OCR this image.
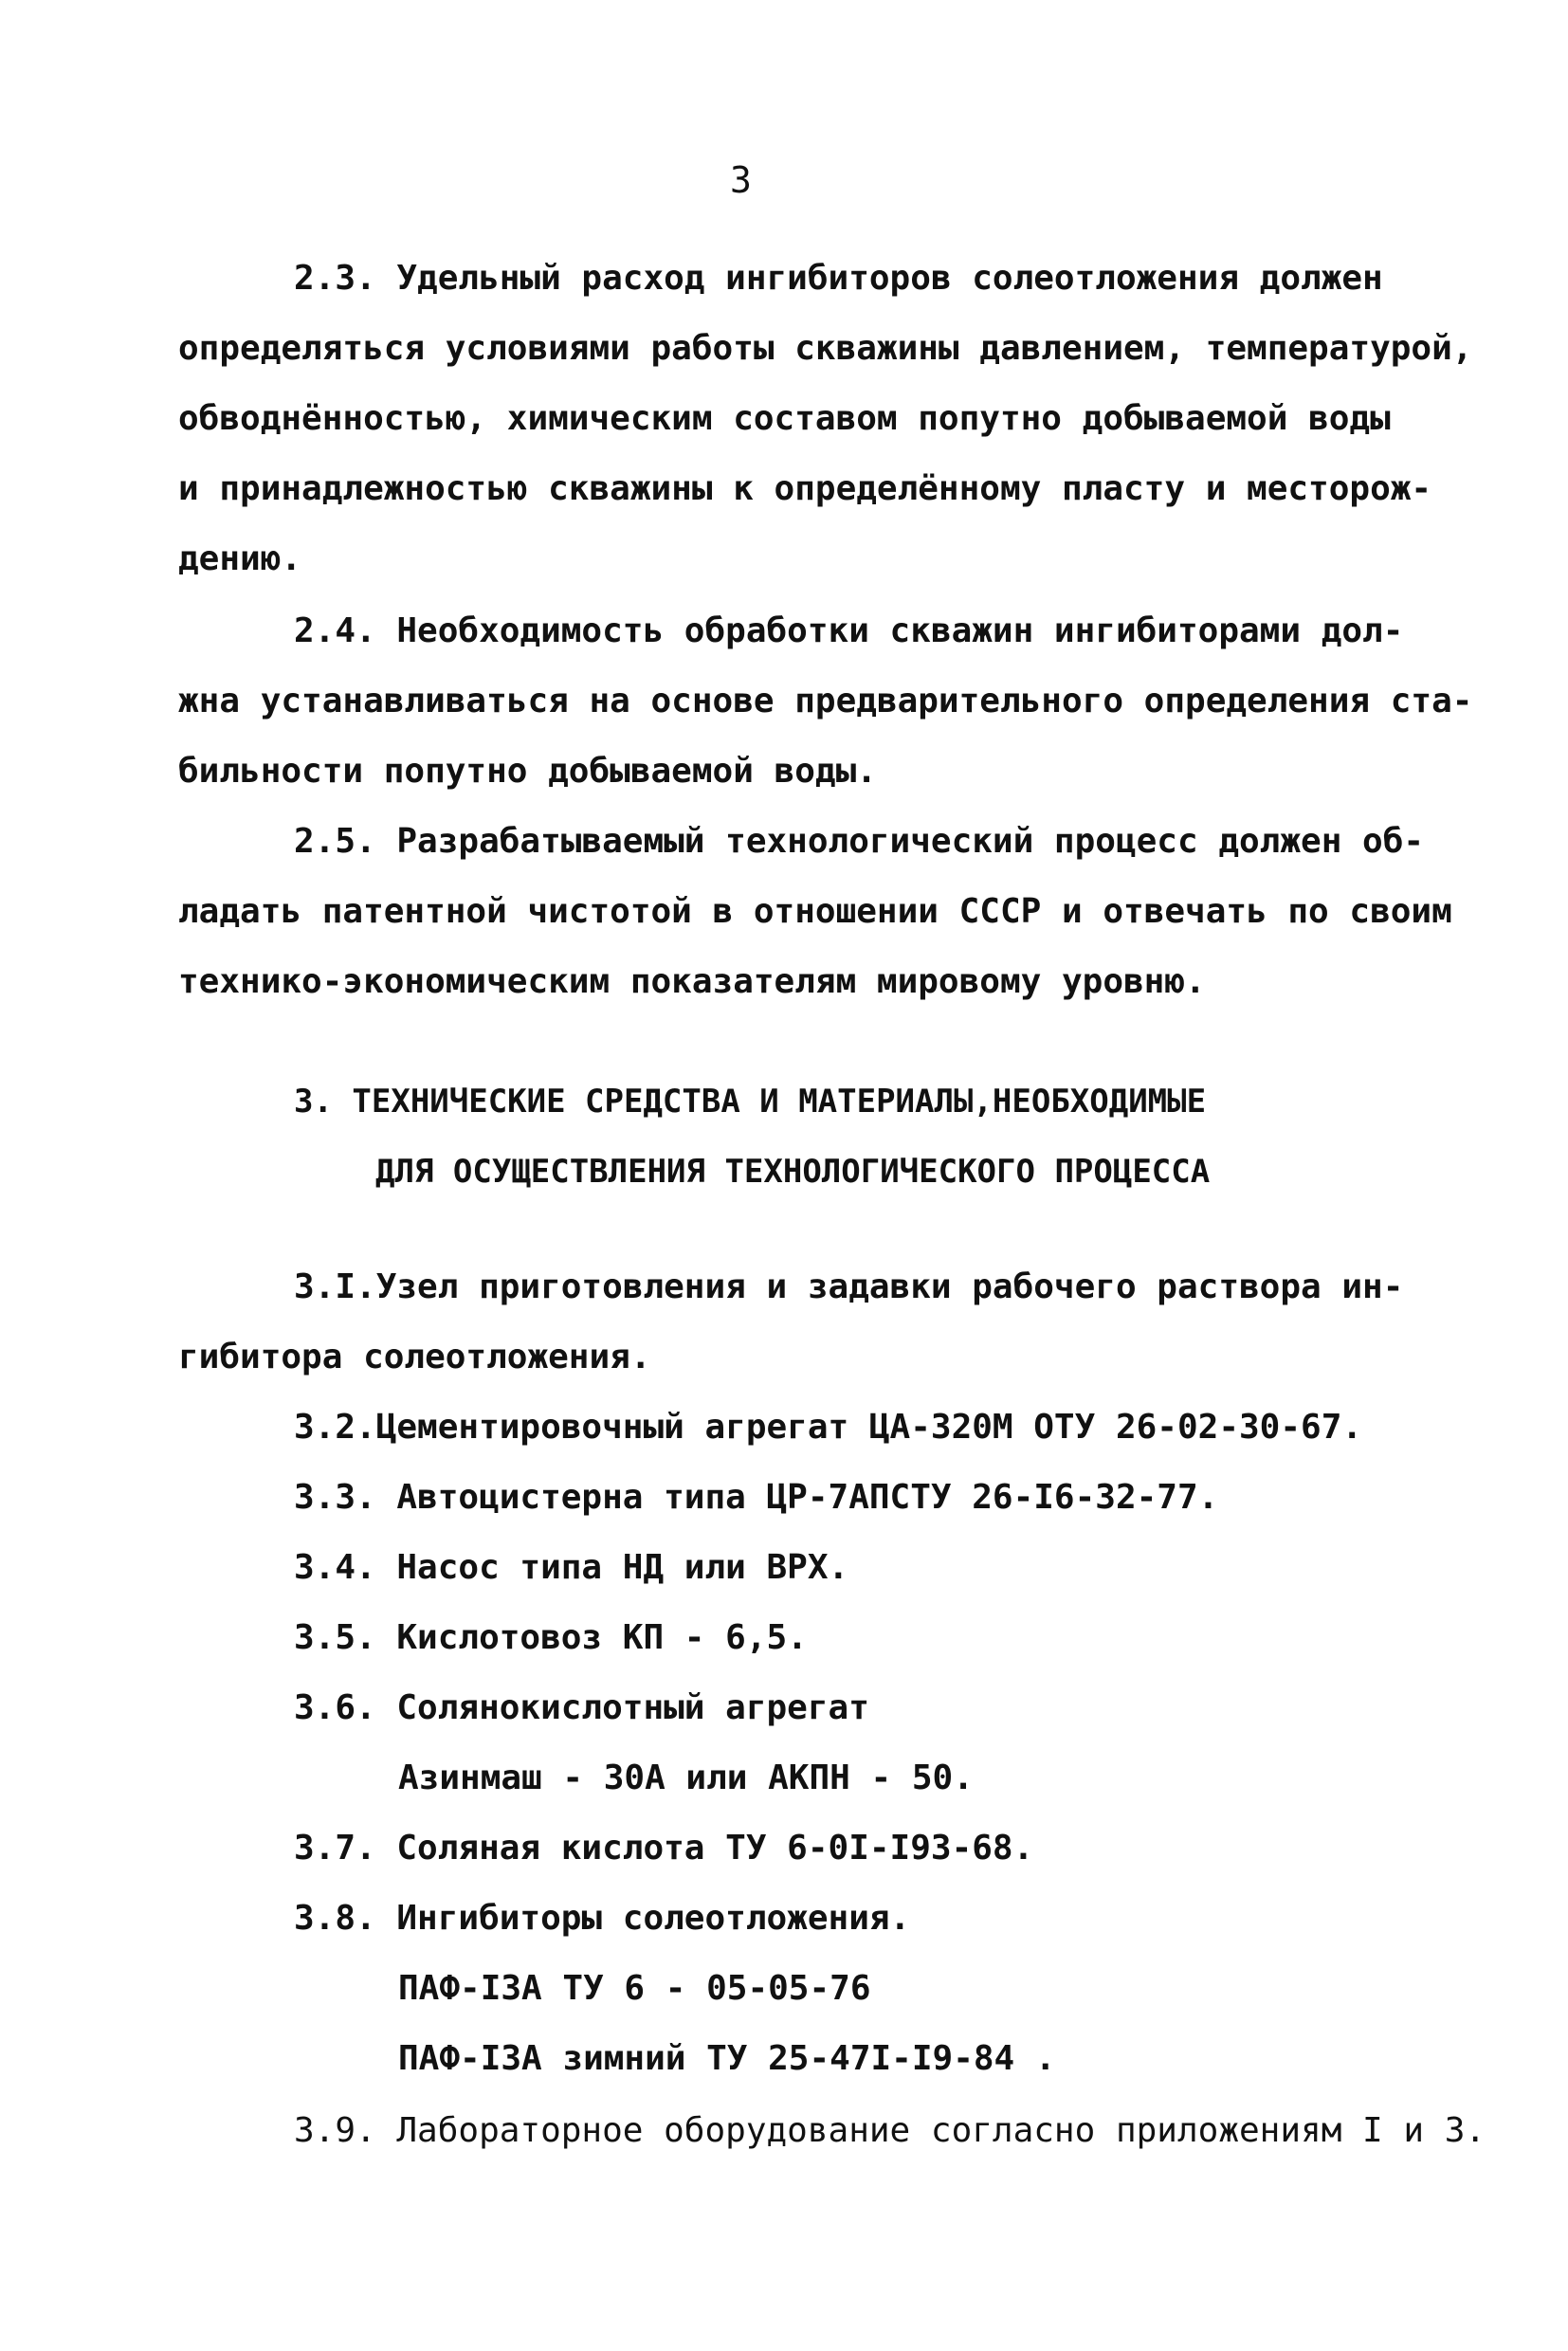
3
2.3. Удельный расход ингибиторов солеотложения должен
определяться условиями работы скважины давлением, температурой,
обводнённостью, химическим составом попутно добываемой воды
и принадлежностью скважины к определённому пласту и месторож-
дению.
2.4. Необходимость обработки скважин ингибиторами дол-
жна устанавливаться на основе предварительного определения ста-
бильности попутно добываемой воды.
2.5. Разрабатываемый технологический процесс должен об-
ладать патентной чистотой в отношении СССР и отвечать по своим
технико-экономическим показателям мировому уровню.
3. ТЕХНИЧЕСКИЕ СРЕДСТВА И МАТЕРИАЛЫ,НЕОБХОДИМЫЕ
ДЛЯ ОСУЩЕСТВЛЕНИЯ ТЕХНОЛОГИЧЕСКОГО ПРОЦЕССА
3.I.Узел приготовления и задавки рабочего раствора ин-
гибитора солеотложения.
3.2.Цементировочный агрегат ЦА-320М ОТУ 26-02-30-67.
3.3. Автоцистерна типа ЦР-7АПСТУ 26-I6-32-77.
3.4. Насос типа НД или ВРХ.
3.5. Кислотовоз КП - 6,5.
3.6. Солянокислотный агрегат
Азинмаш - 30А или АКПН - 50.
3.7. Соляная кислота ТУ 6-0I-I93-68.
3.8. Ингибиторы солеотложения.
ПАФ-I3А ТУ 6 - 05-05-76
ПАФ-I3А зимний ТУ 25-47I-I9-84 .
3.9. Лабораторное оборудование согласно приложениям I и 3.
